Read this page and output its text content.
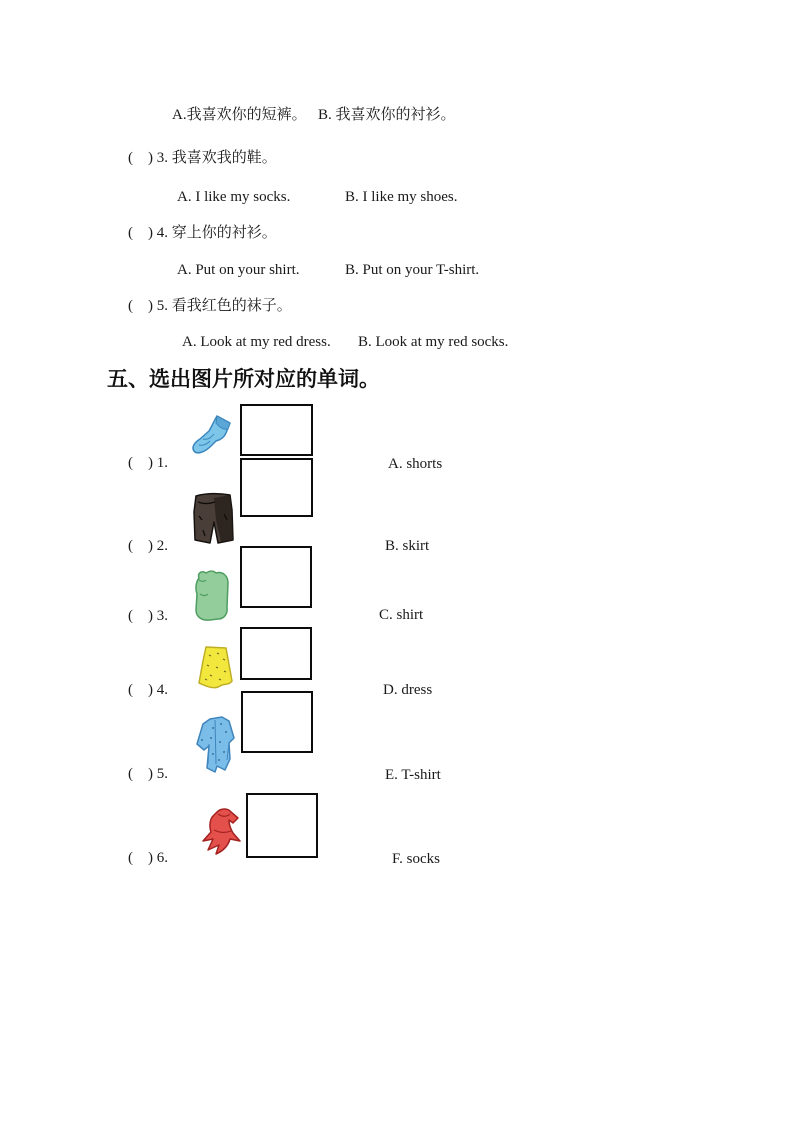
A.我喜欢你的短裤。 B. 我喜欢你的衬衫。
(    ) 3. 我喜欢我的鞋。
A. I like my socks.	B. I like my shoes.
(    ) 4. 穿上你的衬衫。
A. Put on your shirt.	B. Put on your T-shirt.
(    ) 5. 看我红色的袜子。
A. Look at my red dress. B. Look at my red socks.
五、选出图片所对应的单词。
(    ) 1.	A. shorts
(    ) 2.	B. skirt
(    ) 3.	C. shirt
(    ) 4.	D. dress
(    ) 5.	E. T-shirt
(    ) 6.	F. socks
